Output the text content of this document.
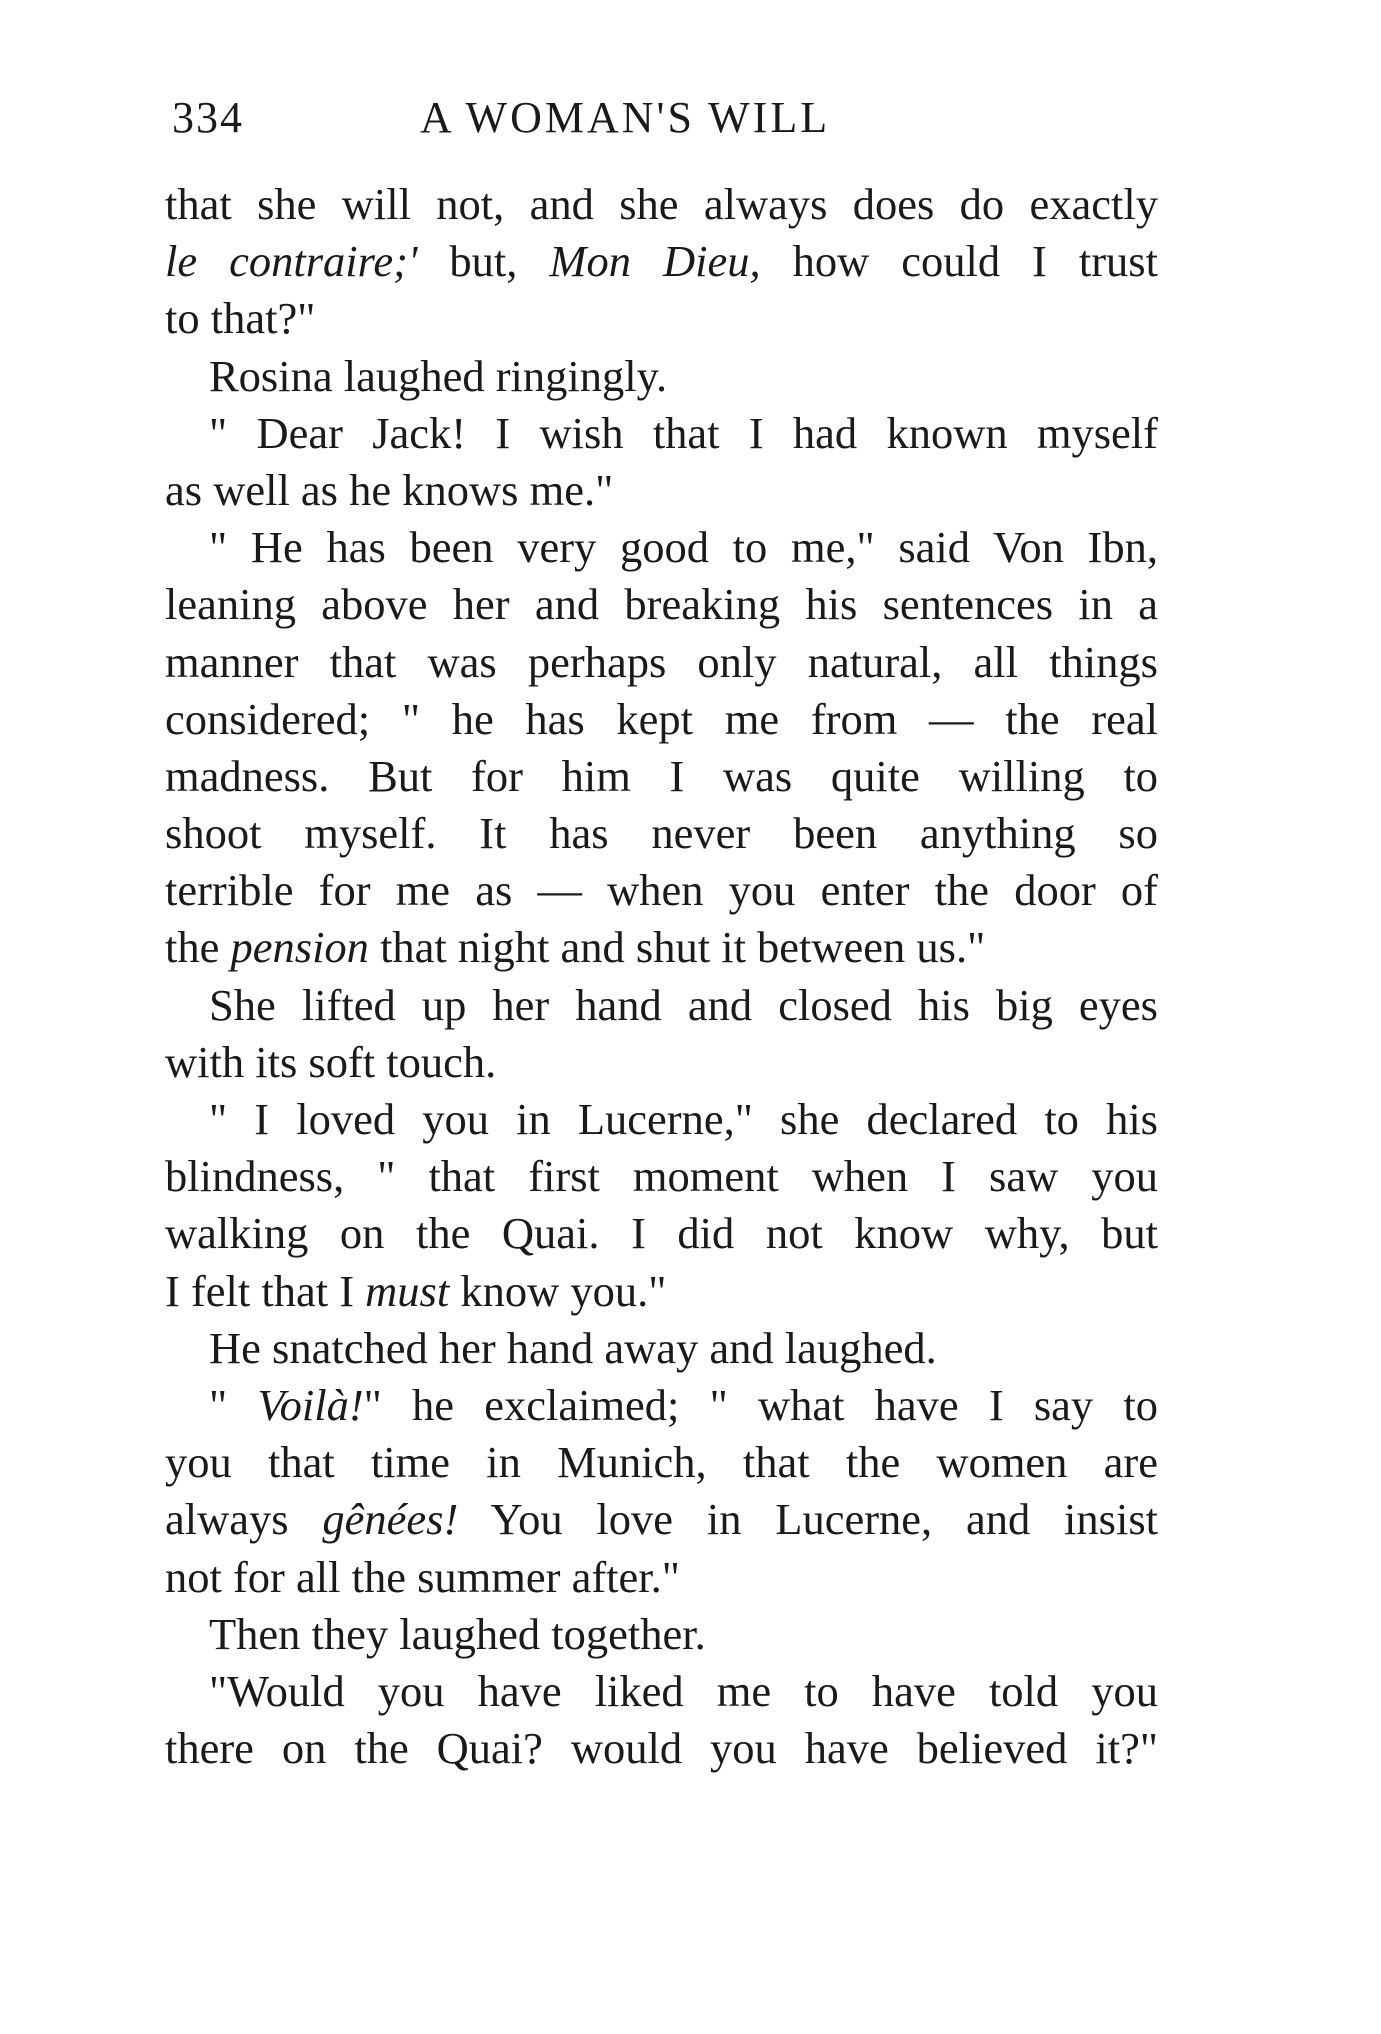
334	A WOMAN'S WILL
that she will not, and she always does do exactly
le contraire;' but, Mon Dieu, how could I trust
to that?"
Rosina laughed ringingly.
" Dear Jack! I wish that I had known myself
as well as he knows me."
" He has been very good to me," said Von Ibn,
leaning above her and breaking his sentences in a
manner that was perhaps only natural, all things
considered; " he has kept me from — the real
madness. But for him I was quite willing to
shoot myself. It has never been anything so
terrible for me as — when you enter the door of
the pension that night and shut it between us."
She lifted up her hand and closed his big eyes
with its soft touch.
" I loved you in Lucerne," she declared to his
blindness, " that first moment when I saw you
walking on the Quai. I did not know why, but
I felt that I must know you."
He snatched her hand away and laughed.
" Voilà!" he exclaimed; " what have I say to
you that time in Munich, that the women are
always gênées! You love in Lucerne, and insist
not for all the summer after."
Then they laughed together.
"Would you have liked me to have told you
there on the Quai? would you have believed it?"
